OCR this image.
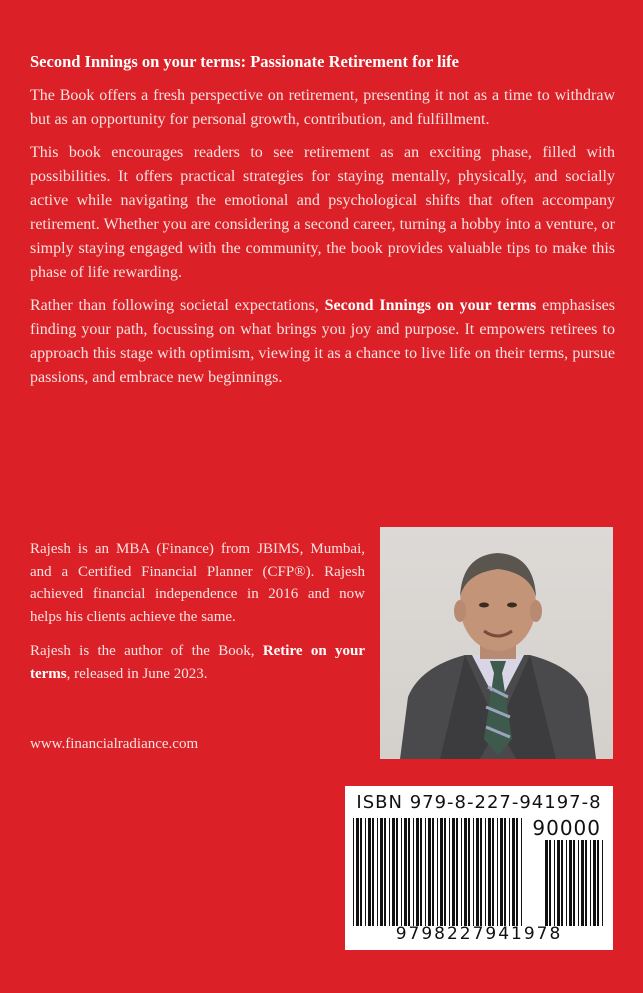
Second Innings on your terms: Passionate Retirement for life

The Book offers a fresh perspective on retirement, presenting it not as a time to withdraw but as an opportunity for personal growth, contribution, and fulfillment.

This book encourages readers to see retirement as an exciting phase, filled with possibilities. It offers practical strategies for staying mentally, physically, and socially active while navigating the emotional and psychological shifts that often accompany retirement. Whether you are considering a second career, turning a hobby into a venture, or simply staying engaged with the community, the book provides valuable tips to make this phase of life rewarding.

Rather than following societal expectations, Second Innings on your terms emphasises finding your path, focussing on what brings you joy and purpose. It empowers retirees to approach this stage with optimism, viewing it as a chance to live life on their terms, pursue passions, and embrace new beginnings.

Rajesh is an MBA (Finance) from JBIMS, Mumbai, and a Certified Financial Planner (CFP®). Rajesh achieved financial independence in 2016 and now helps his clients achieve the same.

Rajesh is the author of the Book, Retire on your terms, released in June 2023.

www.financialradiance.com
ISBN 979-8-227-94197-8
90000
9798227941978
